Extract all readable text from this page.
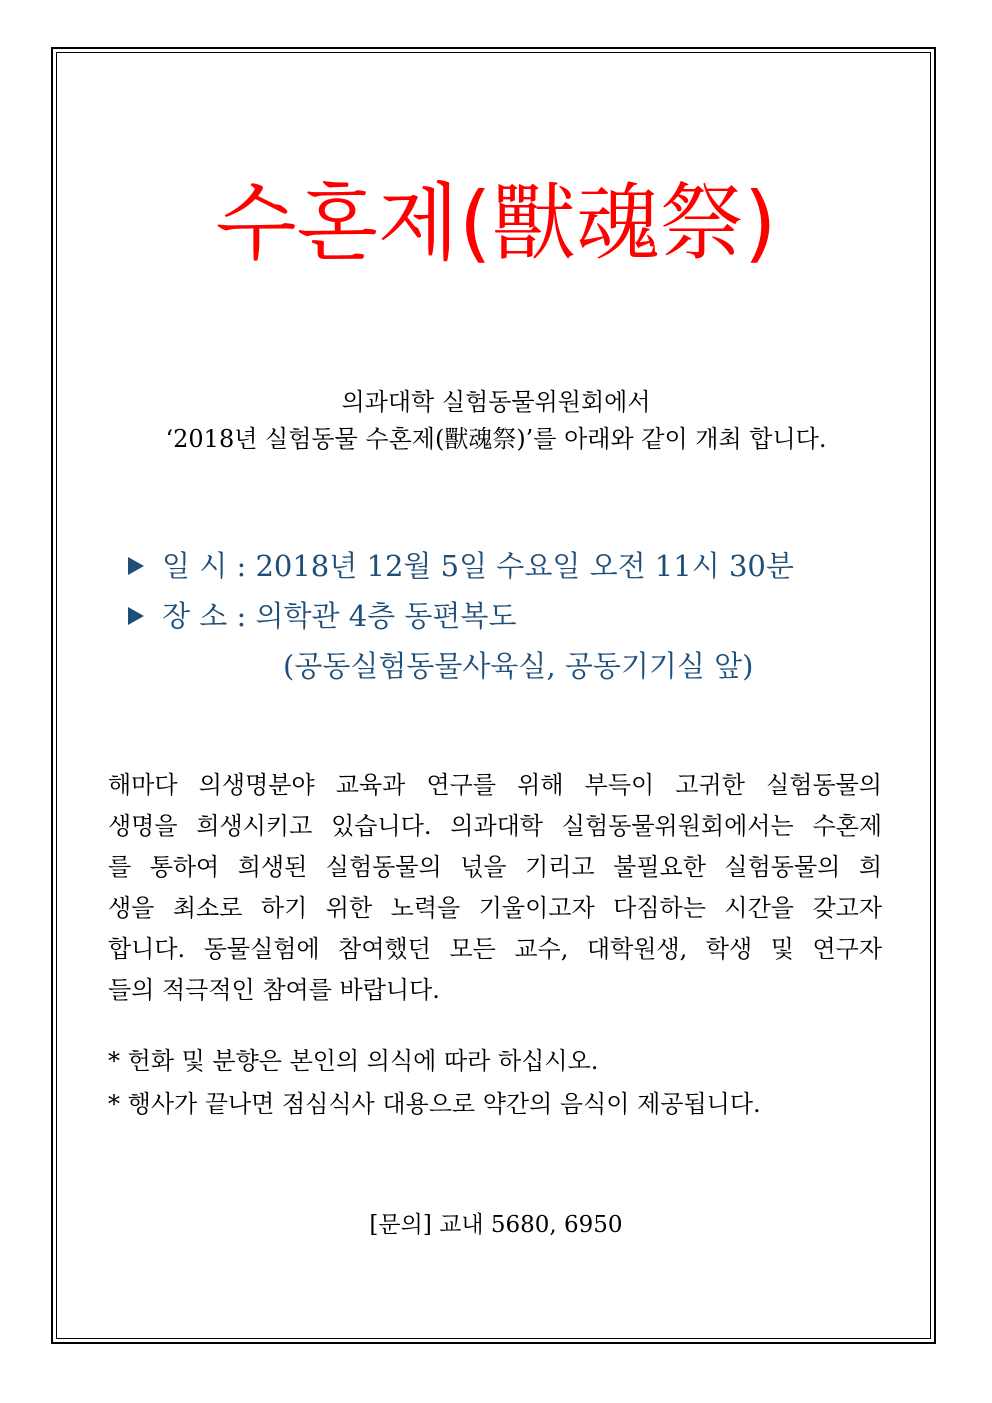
수혼제(獸魂祭)
의과대학 실험동물위원회에서
‘2018년 실험동물 수혼제(獸魂祭)’를 아래와 같이 개최 합니다.
일 시 : 2018년 12월 5일 수요일 오전 11시 30분
장 소 : 의학관 4층 동편복도
(공동실험동물사육실, 공동기기실 앞)
해마다 의생명분야 교육과 연구를 위해 부득이 고귀한 실험동물의
생명을 희생시키고 있습니다. 의과대학 실험동물위원회에서는 수혼제
를 통하여 희생된 실험동물의 넋을 기리고 불필요한 실험동물의 희
생을 최소로 하기 위한 노력을 기울이고자 다짐하는 시간을 갖고자
합니다. 동물실험에 참여했던 모든 교수, 대학원생, 학생 및 연구자
들의 적극적인 참여를 바랍니다.
* 헌화 및 분향은 본인의 의식에 따라 하십시오.
* 행사가 끝나면 점심식사 대용으로 약간의 음식이 제공됩니다.
[문의] 교내 5680, 6950
